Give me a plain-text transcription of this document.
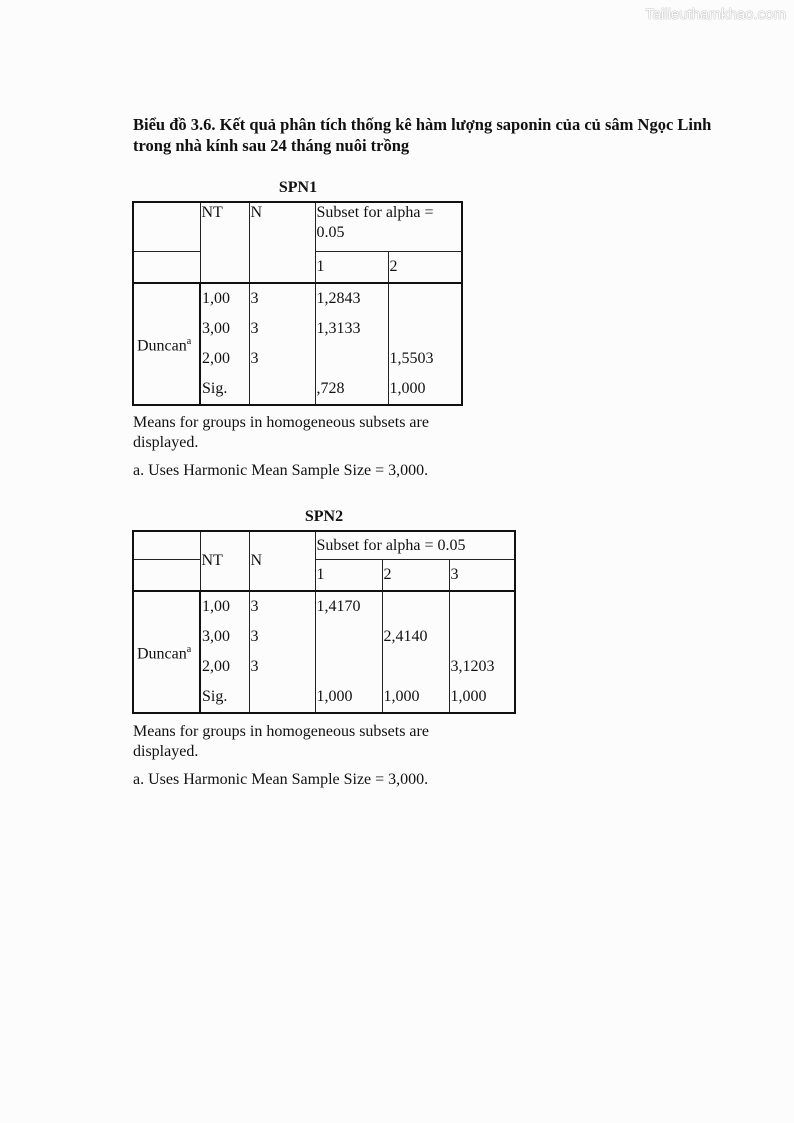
Tailieuthamkhao.com
Biểu đồ 3.6. Kết quả phân tích thống kê hàm lượng saponin của củ sâm Ngọc Linh trong nhà kính sau 24 tháng nuôi trồng
SPN1
	NT	N	Subset for alpha = 0.05	
			1	2
Duncan$^a$	1,00	3	1,2843	
	3,00	3	1,3133	
	2,00	3		1,5503
	Sig.		,728	1,000
Means for groups in homogeneous subsets are displayed.
a. Uses Harmonic Mean Sample Size = 3,000.
SPN2
	NT	N	Subset for alpha = 0.05		
			1	2	3
Duncan$^a$	1,00	3	1,4170		
	3,00	3		2,4140	
	2,00	3			3,1203
	Sig.		1,000	1,000	1,000
Means for groups in homogeneous subsets are displayed.
a. Uses Harmonic Mean Sample Size = 3,000.
